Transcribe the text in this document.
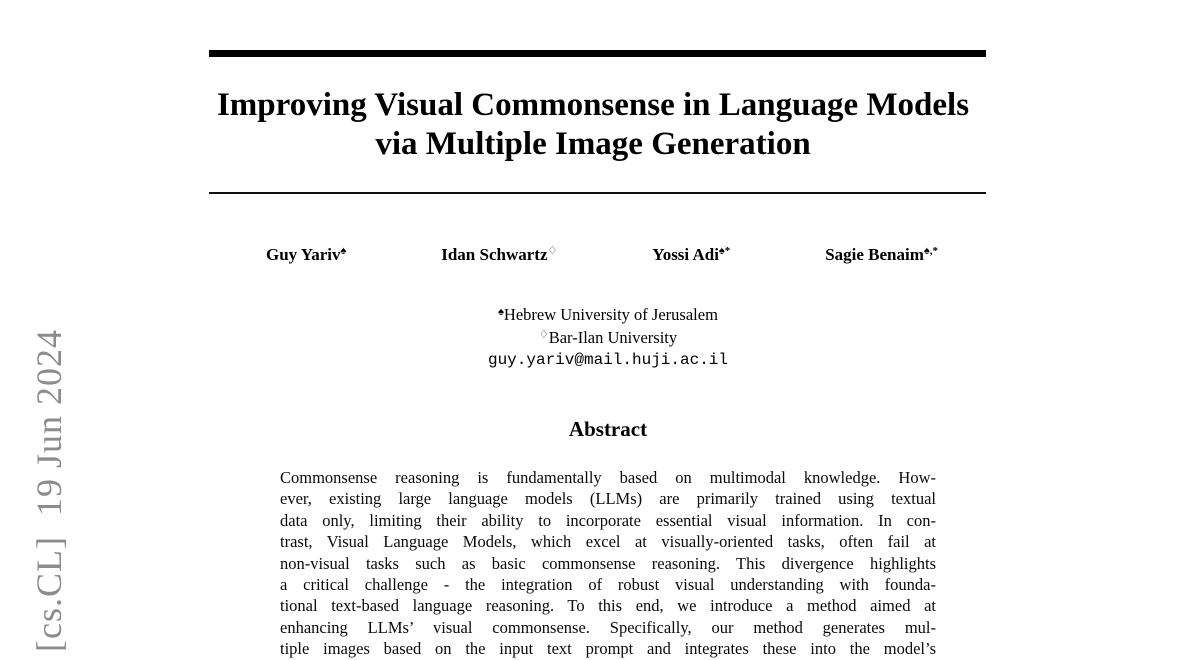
[cs.CL]  19 Jun 2024
Improving Visual Commonsense in Language Models
via Multiple Image Generation
Guy Yariv♠	Idan Schwartz♢	Yossi Adi♠*	Sagie Benaim♠,*
♠Hebrew University of Jerusalem
♢Bar-Ilan University
guy.yariv@mail.huji.ac.il
Abstract
Commonsense reasoning is fundamentally based on multimodal knowledge. How-
ever, existing large language models (LLMs) are primarily trained using textual
data only, limiting their ability to incorporate essential visual information. In con-
trast, Visual Language Models, which excel at visually-oriented tasks, often fail at
non-visual tasks such as basic commonsense reasoning. This divergence highlights
a critical challenge - the integration of robust visual understanding with founda-
tional text-based language reasoning. To this end, we introduce a method aimed at
enhancing LLMs’ visual commonsense. Specifically, our method generates mul-
tiple images based on the input text prompt and integrates these into the model’s
